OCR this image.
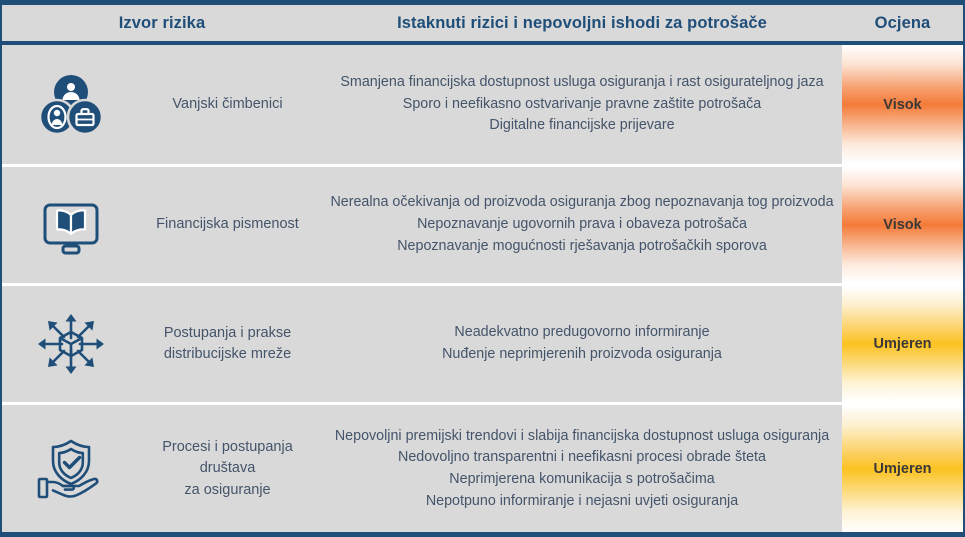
Izvor rizika	Istaknuti rizici i nepovoljni ishodi za potrošače	Ocjena
Vanjski čimbenici
Smanjena financijska dostupnost usluga osiguranja i rast osigurateljnog jaza
Sporo i neefikasno ostvarivanje pravne zaštite potrošača
Digitalne financijske prijevare
Visok
Financijska pismenost
Nerealna očekivanja od proizvoda osiguranja zbog nepoznavanja tog proizvoda
Nepoznavanje ugovornih prava i obaveza potrošača
Nepoznavanje mogućnosti rješavanja potrošačkih sporova
Visok
Postupanja i prakse
distribucijske mreže
Neadekvatno predugovorno informiranje
Nuđenje neprimjerenih proizvoda osiguranja
Umjeren
Procesi i postupanja društava
za osiguranje
Nepovoljni premijski trendovi i slabija financijska dostupnost usluga osiguranja
Nedovoljno transparentni i neefikasni procesi obrade šteta
Neprimjerena komunikacija s potrošačima
Nepotpuno informiranje i nejasni uvjeti osiguranja
Umjeren
